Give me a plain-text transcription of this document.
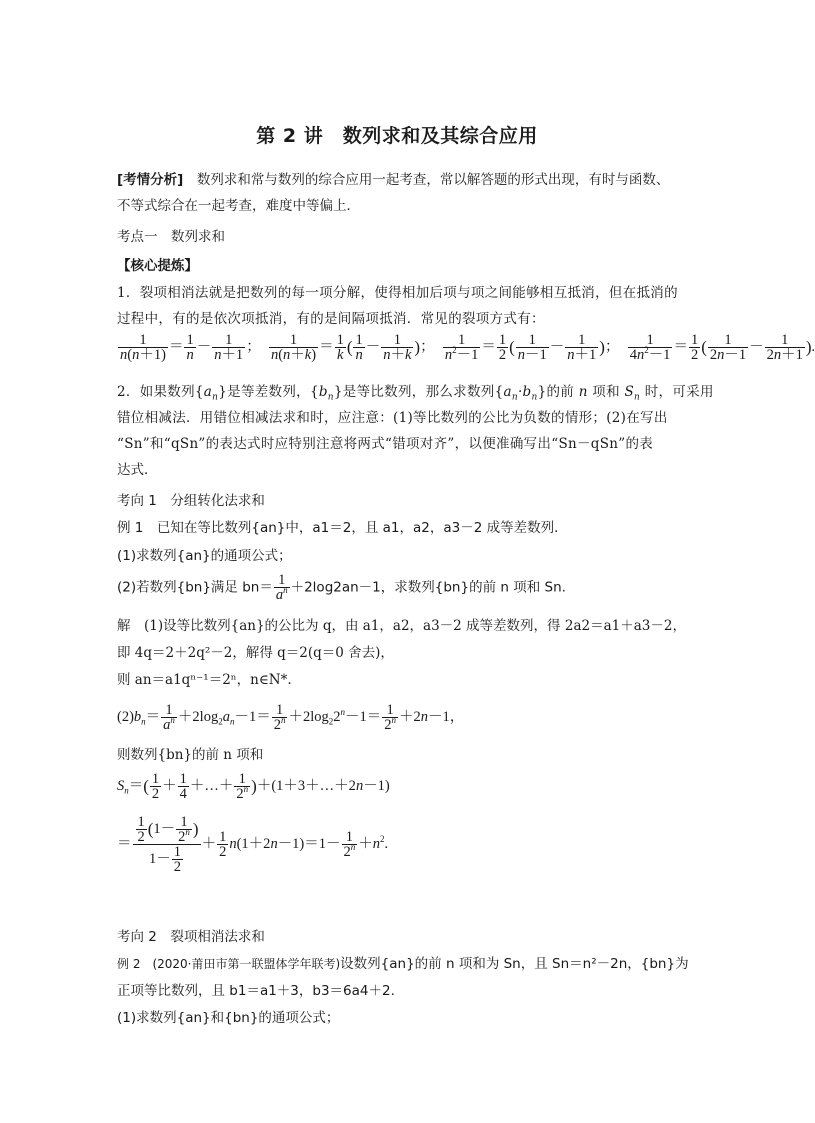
第 2 讲　数列求和及其综合应用
[考情分析]　数列求和常与数列的综合应用一起考查，常以解答题的形式出现，有时与函数、
不等式综合在一起考查，难度中等偏上．
考点一　数列求和
【核心提炼】
1．裂项相消法就是把数列的每一项分解，使得相加后项与项之间能够相互抵消，但在抵消的
过程中，有的是依次项抵消，有的是间隔项抵消．常见的裂项方式有：
$\frac{1}{n(n+1)} = \frac{1}{n} - \frac{1}{n+1}$ ； $\frac{1}{n(n+k)} = \frac{1}{k}$ ( $\frac{1}{n} - \frac{1}{n+k}$ )； $\frac{1}{n^2-1} = \frac{1}{2}$ ( $\frac{1}{n-1} - \frac{1}{n+1}$ )； $\frac{1}{4n^2-1} = \frac{1}{2}$ ( $\frac{1}{2n-1} - \frac{1}{2n+1}$ ).
2．如果数列$\{a_n\}$是等差数列，$\{b_n\}$是等比数列，那么求数列$\{a_n\cdot b_n\}$的前 n 项和 $S_n$ 时，可采用
错位相减法．用错位相减法求和时，应注意：(1)等比数列的公比为负数的情形；(2)在写出
“Sn”和“qSn”的表达式时应特别注意将两式“错项对齐”，以便准确写出“Sn－qSn”的表
达式．
考向 1　分组转化法求和
例 1　已知在等比数列{an}中，a1＝2，且 a1，a2，a3－2 成等差数列．
(1)求数列{an}的通项公式；
(2)若数列{bn}满足 $bn= \frac{1}{a^n} +2\log 2an-1$，求数列{bn}的前 n 项和 Sn.
解　(1)设等比数列{an}的公比为 q，由 a1，a2，a3－2 成等差数列，得 2a2＝a1＋a3－2，
即 4q＝2＋2q²－2，解得 q＝2(q＝0 舍去)，
则 an＝a1qⁿ⁻¹＝2ⁿ，n∈N*.
$(2)b_n= \frac{1}{a^n} +2\log_2a_n-1= \frac{1}{2^n} +2\log_22^n-1= \frac{1}{2^n} +2n-1$，
则数列{bn}的前 n 项和
$S_n=( \frac{1}{2} + \frac{1}{4}$ ＋…＋ $\frac{1}{2^n}$ )＋(1＋3＋…＋2n－1)
＝ $\frac{\frac{1}{2} (1- \frac{1}{2^n} )}{1- \frac{1}{2}} + \frac{1}{2} n(1+2n-1)=1- \frac{1}{2^n} +n^2$.
考向 2　裂项相消法求和
例 2　(2020·莆田市第一联盟体学年联考)设数列{an}的前 n 项和为 Sn，且 Sn＝n²－2n，{bn}为
正项等比数列，且 b1＝a1＋3，b3＝6a4＋2.
(1)求数列{an}和{bn}的通项公式；
